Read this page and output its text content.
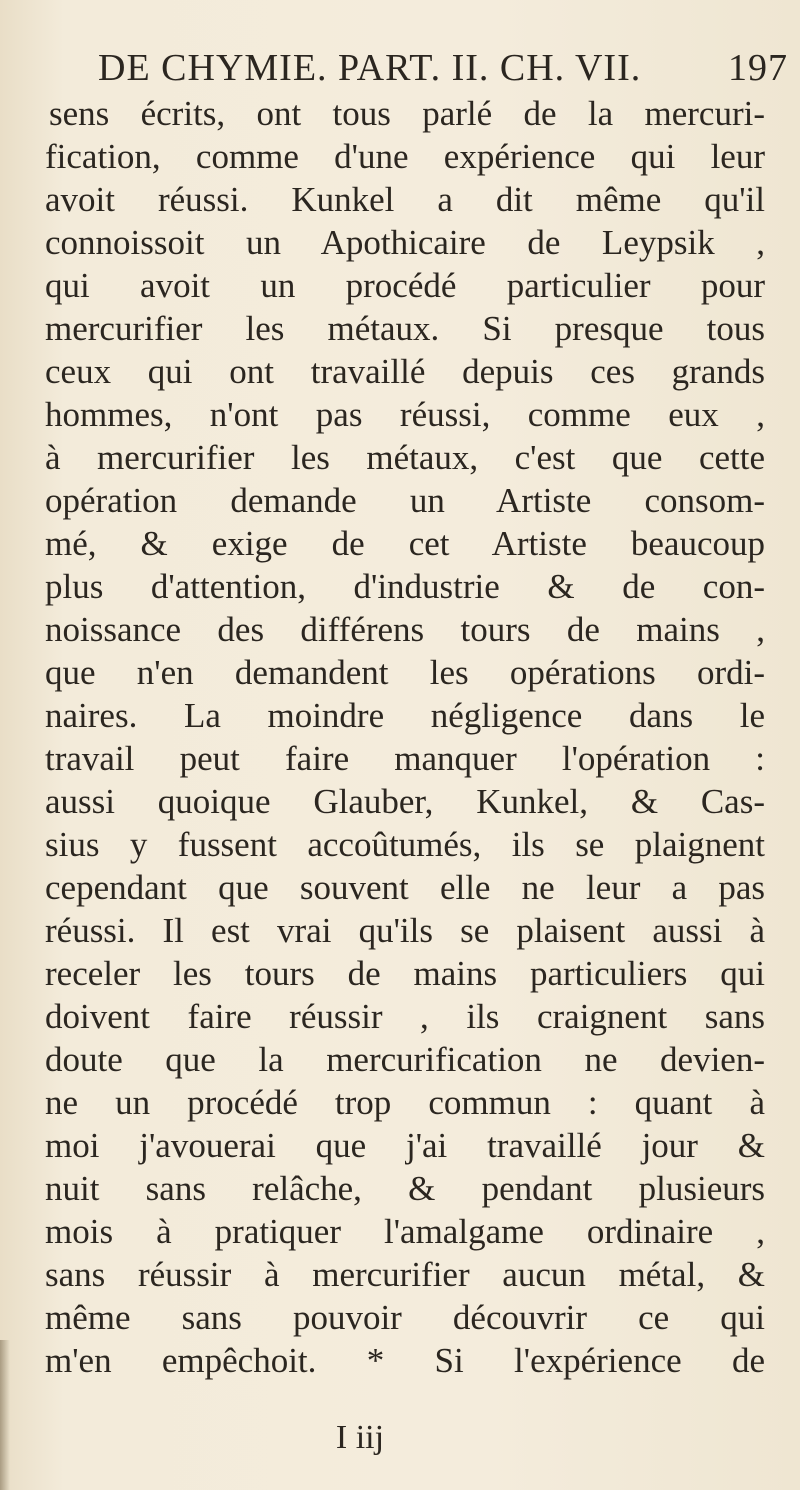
DE CHYMIE. PART. II. CH. VII. 197
sens écrits, ont tous parlé de la mercuri-
fication, comme d'une expérience qui leur
avoit réussi. Kunkel a dit même qu'il
connoissoit un Apothicaire de Leypsik ,
qui avoit un procédé particulier pour
mercurifier les métaux. Si presque tous
ceux qui ont travaillé depuis ces grands
hommes, n'ont pas réussi, comme eux ,
à mercurifier les métaux, c'est que cette
opération demande un Artiste consom-
mé, & exige de cet Artiste beaucoup
plus d'attention, d'industrie & de con-
noissance des différens tours de mains ,
que n'en demandent les opérations ordi-
naires. La moindre négligence dans le
travail peut faire manquer l'opération :
aussi quoique Glauber, Kunkel, & Cas-
sius y fussent accoûtumés, ils se plaignent
cependant que souvent elle ne leur a pas
réussi. Il est vrai qu'ils se plaisent aussi à
receler les tours de mains particuliers qui
doivent faire réussir , ils craignent sans
doute que la mercurification ne devien-
ne un procédé trop commun : quant à
moi j'avouerai que j'ai travaillé jour &
nuit sans relâche, & pendant plusieurs
mois à pratiquer l'amalgame ordinaire ,
sans réussir à mercurifier aucun métal, &
même sans pouvoir découvrir ce qui
m'en empêchoit. * Si l'expérience de
I iij
